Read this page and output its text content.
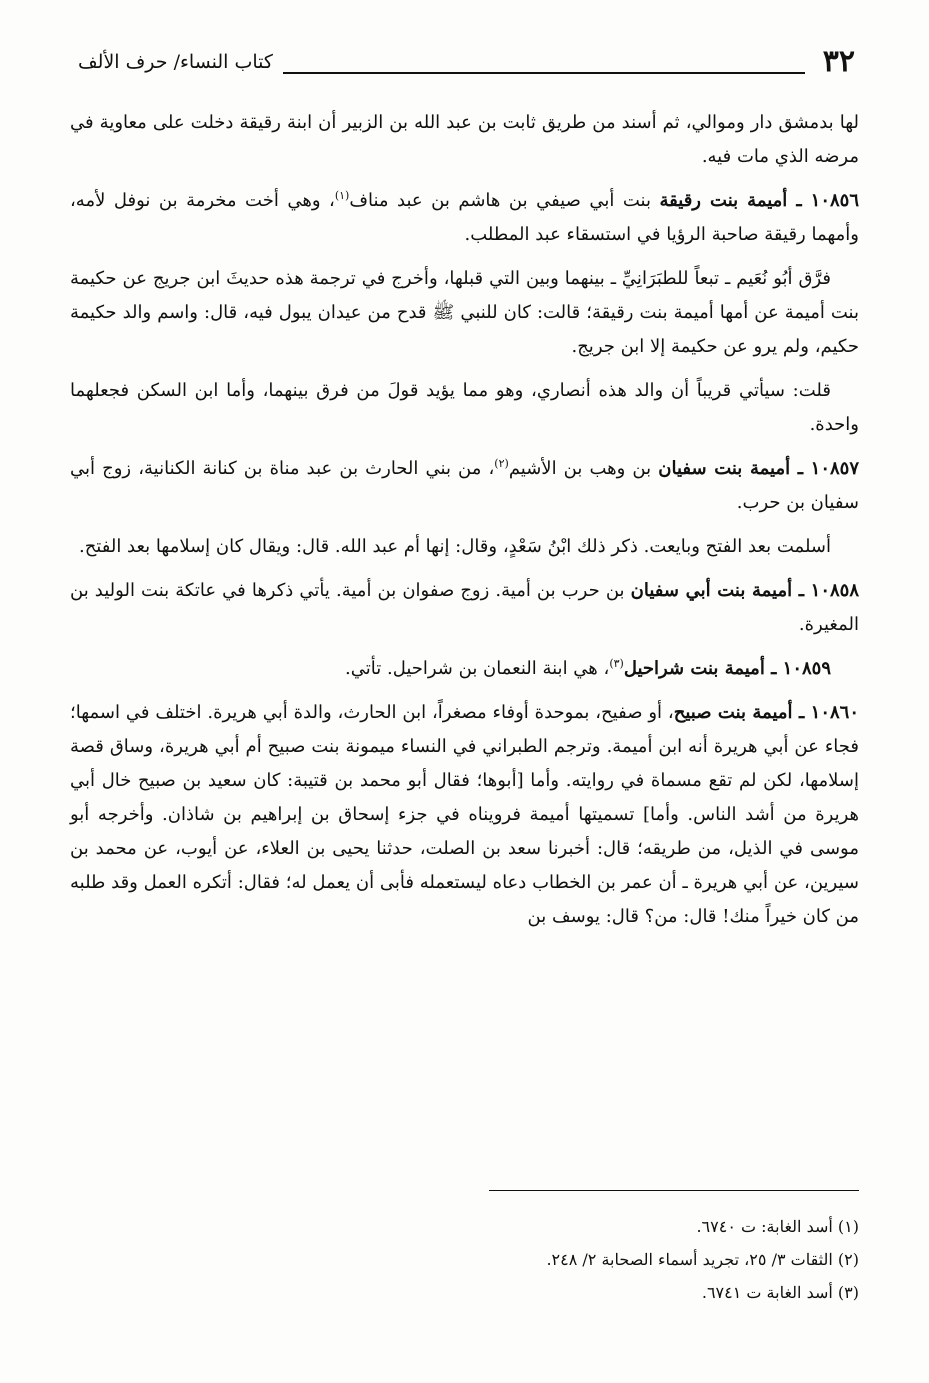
٣٢
كتاب النساء/ حرف الألف

لها بدمشق دار وموالي، ثم أسند من طريق ثابت بن عبد الله بن الزبير أن ابنة رقيقة دخلت على معاوية في مرضه الذي مات فيه.

١٠٨٥٦ ـ أميمة بنت رقيقة بنت أبي صيفي بن هاشم بن عبد مناف$^{(١)}$، وهي أخت مخرمة بن نوفل لأمه، وأمهما رقيقة صاحبة الرؤيا في استسقاء عبد المطلب.

فرَّق أبُو نُعَيم ـ تبعاً للطبَرَانِيِّ ـ بينهما وبين التي قبلها، وأخرج في ترجمة هذه حديثَ ابن جريج عن حكيمة بنت أميمة عن أمها أميمة بنت رقيقة؛ قالت: كان للنبي ﷺ قدح من عيدان يبول فيه، قال: واسم والد حكيمة حكيم، ولم يرو عن حكيمة إلا ابن جريج.

قلت: سيأتي قريباً أن والد هذه أنصاري، وهو مما يؤيد قولَ من فرق بينهما، وأما ابن السكن فجعلهما واحدة.

١٠٨٥٧ ـ أميمة بنت سفيان بن وهب بن الأشيم$^{(٢)}$، من بني الحارث بن عبد مناة بن كنانة الكنانية، زوج أبي سفيان بن حرب.

أسلمت بعد الفتح وبايعت. ذكر ذلك ابْنُ سَعْدٍ، وقال: إنها أم عبد الله. قال: ويقال كان إسلامها بعد الفتح.

١٠٨٥٨ ـ أميمة بنت أبي سفيان بن حرب بن أمية. زوج صفوان بن أمية. يأتي ذكرها في عاتكة بنت الوليد بن المغيرة.

١٠٨٥٩ ـ أميمة بنت شراحيل$^{(٣)}$، هي ابنة النعمان بن شراحيل. تأتي.

١٠٨٦٠ ـ أميمة بنت صبيح، أو صفيح، بموحدة أوفاء مصغراً، ابن الحارث، والدة أبي هريرة. اختلف في اسمها؛ فجاء عن أبي هريرة أنه ابن أميمة. وترجم الطبراني في النساء ميمونة بنت صبيح أم أبي هريرة، وساق قصة إسلامها، لكن لم تقع مسماة في روايته. وأما [أبوها؛ فقال أبو محمد بن قتيبة: كان سعيد بن صبيح خال أبي هريرة من أشد الناس. وأما] تسميتها أميمة فرويناه في جزء إسحاق بن إبراهيم بن شاذان. وأخرجه أبو موسى في الذيل، من طريقه؛ قال: أخبرنا سعد بن الصلت، حدثنا يحيى بن العلاء، عن أيوب، عن محمد بن سيرين، عن أبي هريرة ـ أن عمر بن الخطاب دعاه ليستعمله فأبى أن يعمل له؛ فقال: أتكره العمل وقد طلبه من كان خيراً منك! قال: من؟ قال: يوسف بن

(١) أسد الغابة: ت ٦٧٤٠.
(٢) الثقات ٣/ ٢٥، تجريد أسماء الصحابة ٢/ ٢٤٨.
(٣) أسد الغابة ت ٦٧٤١.
